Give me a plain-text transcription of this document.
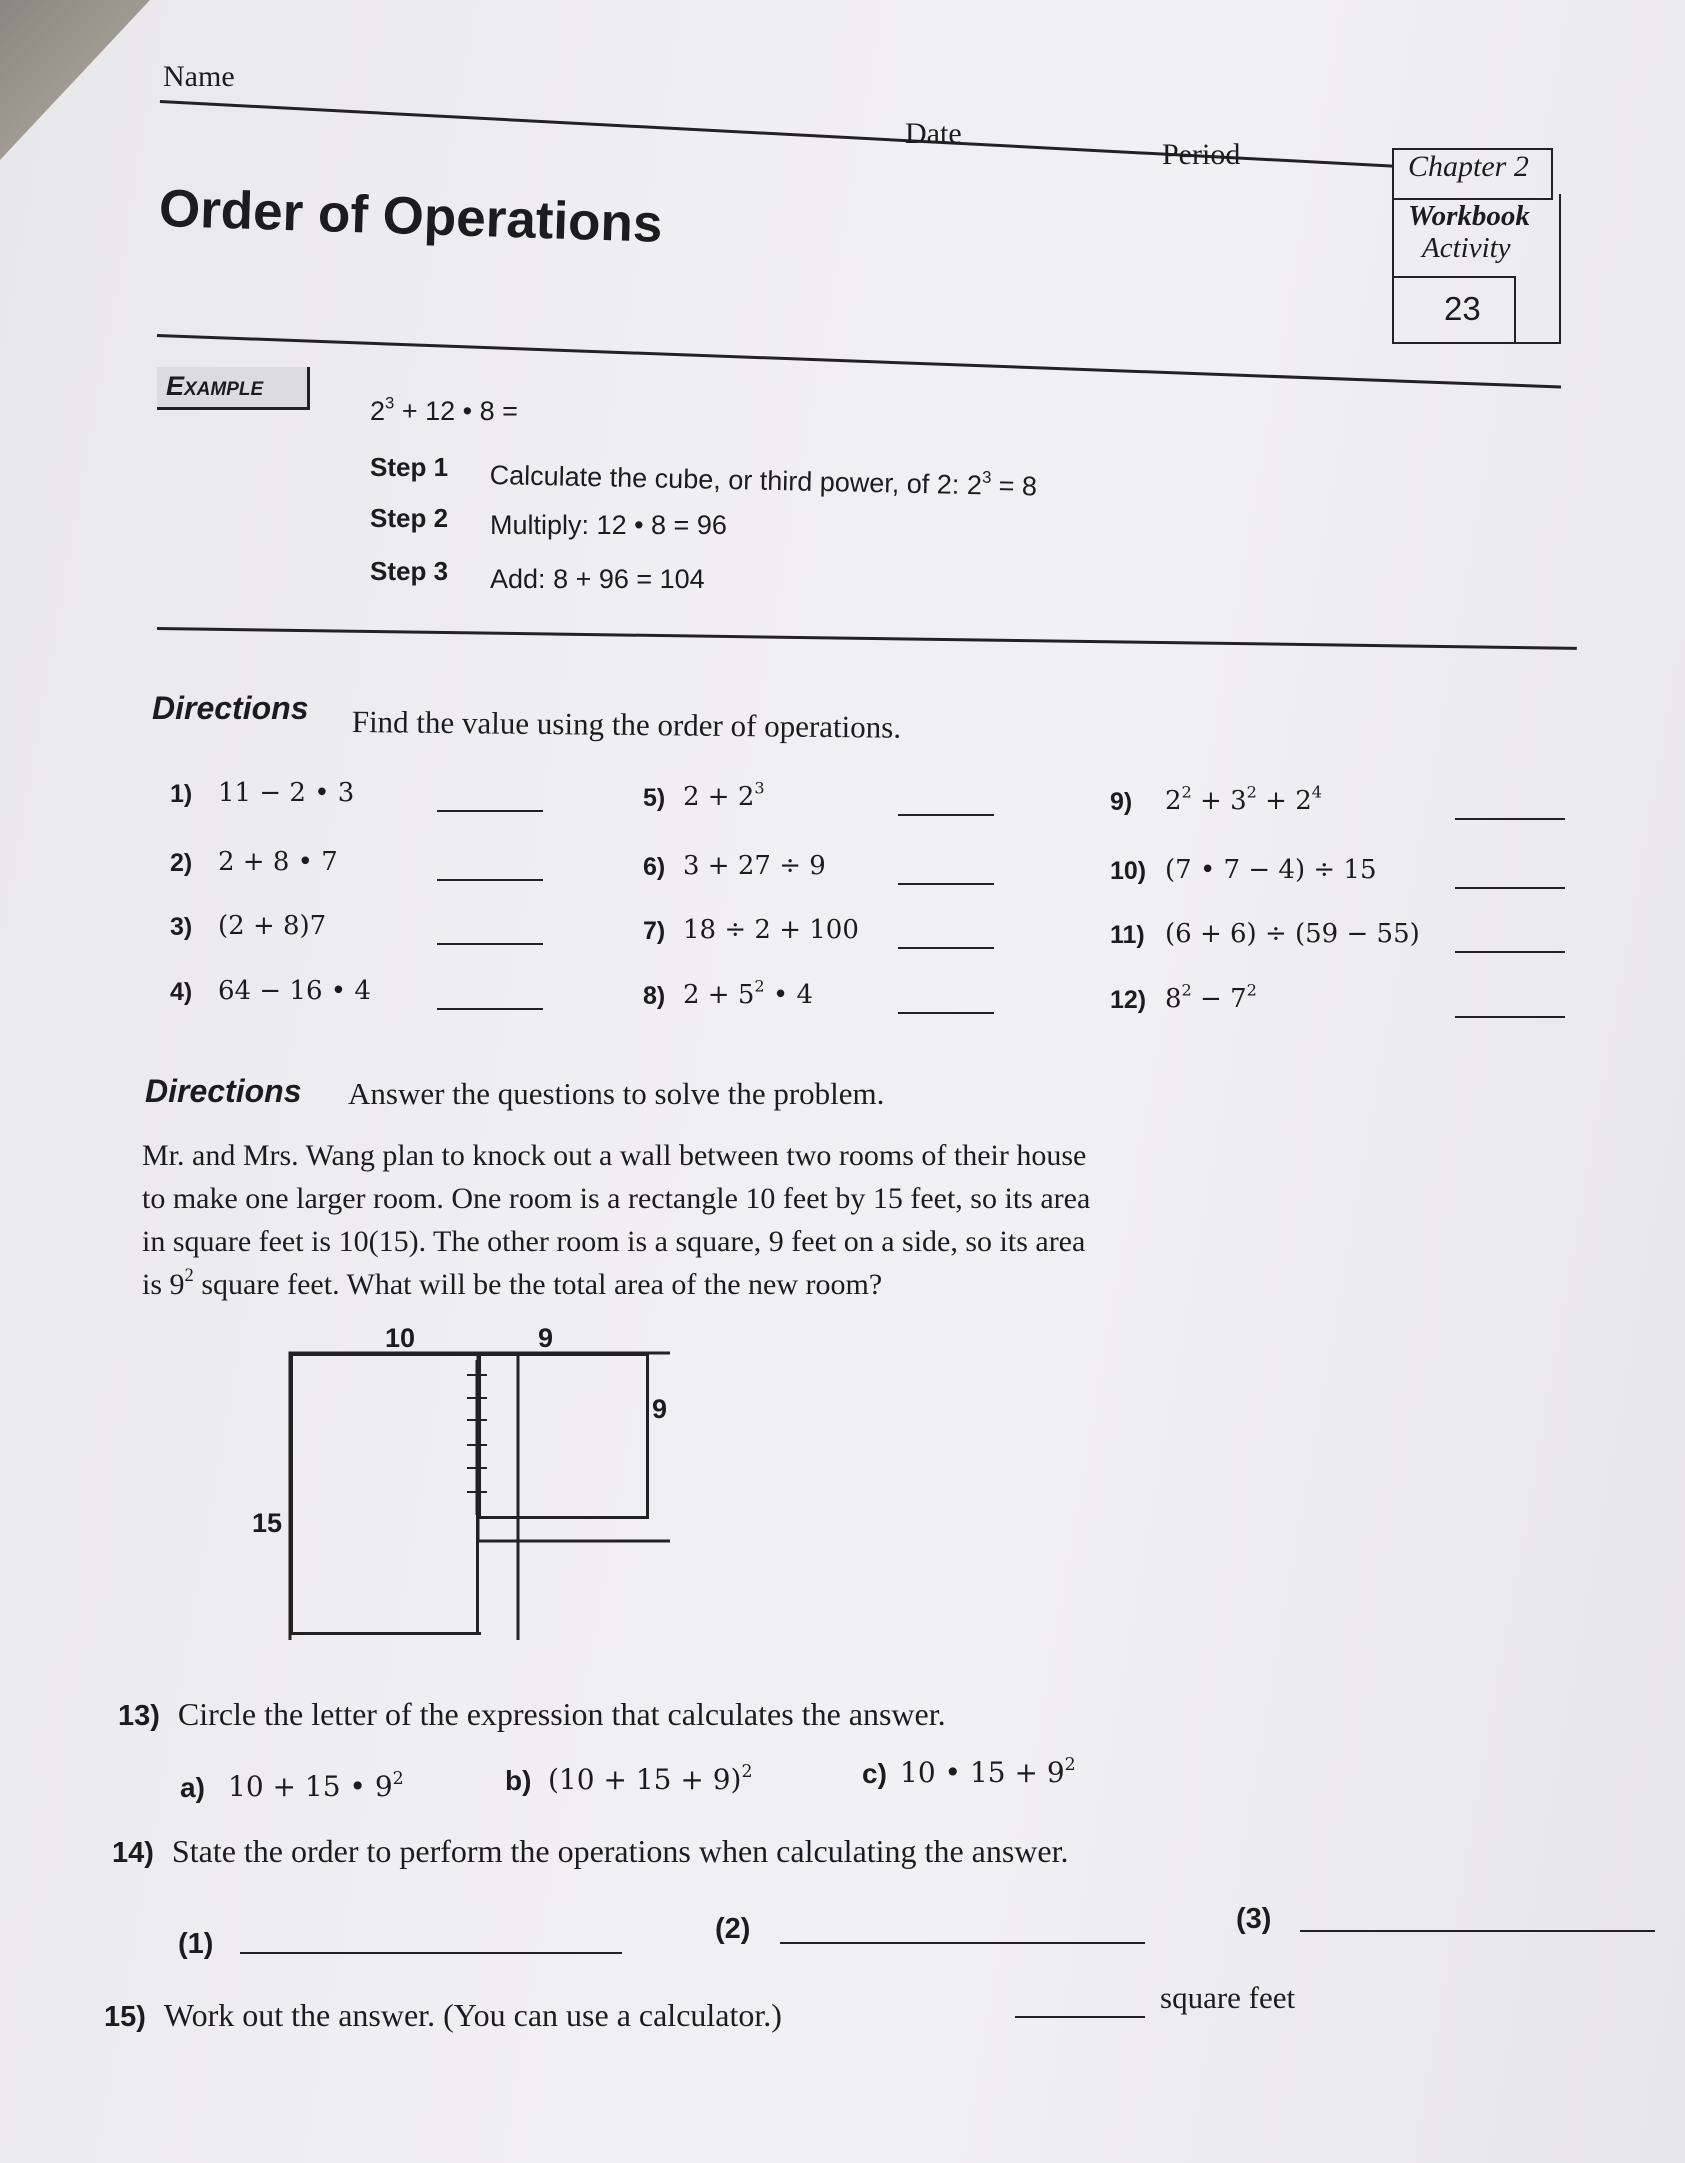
Name
Date
Period
Order of Operations
Chapter 2
Workbook
Activity
23
Example
$2^3 + 12$ • 8 =
Step 1 Calculate the cube, or third power, of 2: $2^3 = 8$
Step 2 Multiply: 12 • 8 = 96
Step 3 Add: 8 + 96 = 104
Directions Find the value using the order of operations.
1) 11 − 2 • 3
2) 2 + 8 • 7
3) (2 + 8)7
4) 64 − 16 • 4
5) $2 + 2^3$
6) 3 + 27 ÷ 9
7) 18 ÷ 2 + 100
8) $2 + 5^2$ • 4
9) $2^2 + 3^2 + 2^4$
10) (7 • 7 − 4) ÷ 15
11) (6 + 6) ÷ (59 − 55)
12) $8^2 - 7^2$
Directions Answer the questions to solve the problem.
Mr. and Mrs. Wang plan to knock out a wall between two rooms of their house
to make one larger room. One room is a rectangle 10 feet by 15 feet, so its area
in square feet is 10(15). The other room is a square, 9 feet on a side, so its area
is $9^2$ square feet. What will be the total area of the new room?
10	9
9
15
13) Circle the letter of the expression that calculates the answer.
a) 10 + 15 • $9^2$	b) $(10 + 15 + 9)^2$	c) 10 • $15 + 9^2$
14) State the order to perform the operations when calculating the answer.
(1)	(2)	(3)
15) Work out the answer. (You can use a calculator.)	square feet
